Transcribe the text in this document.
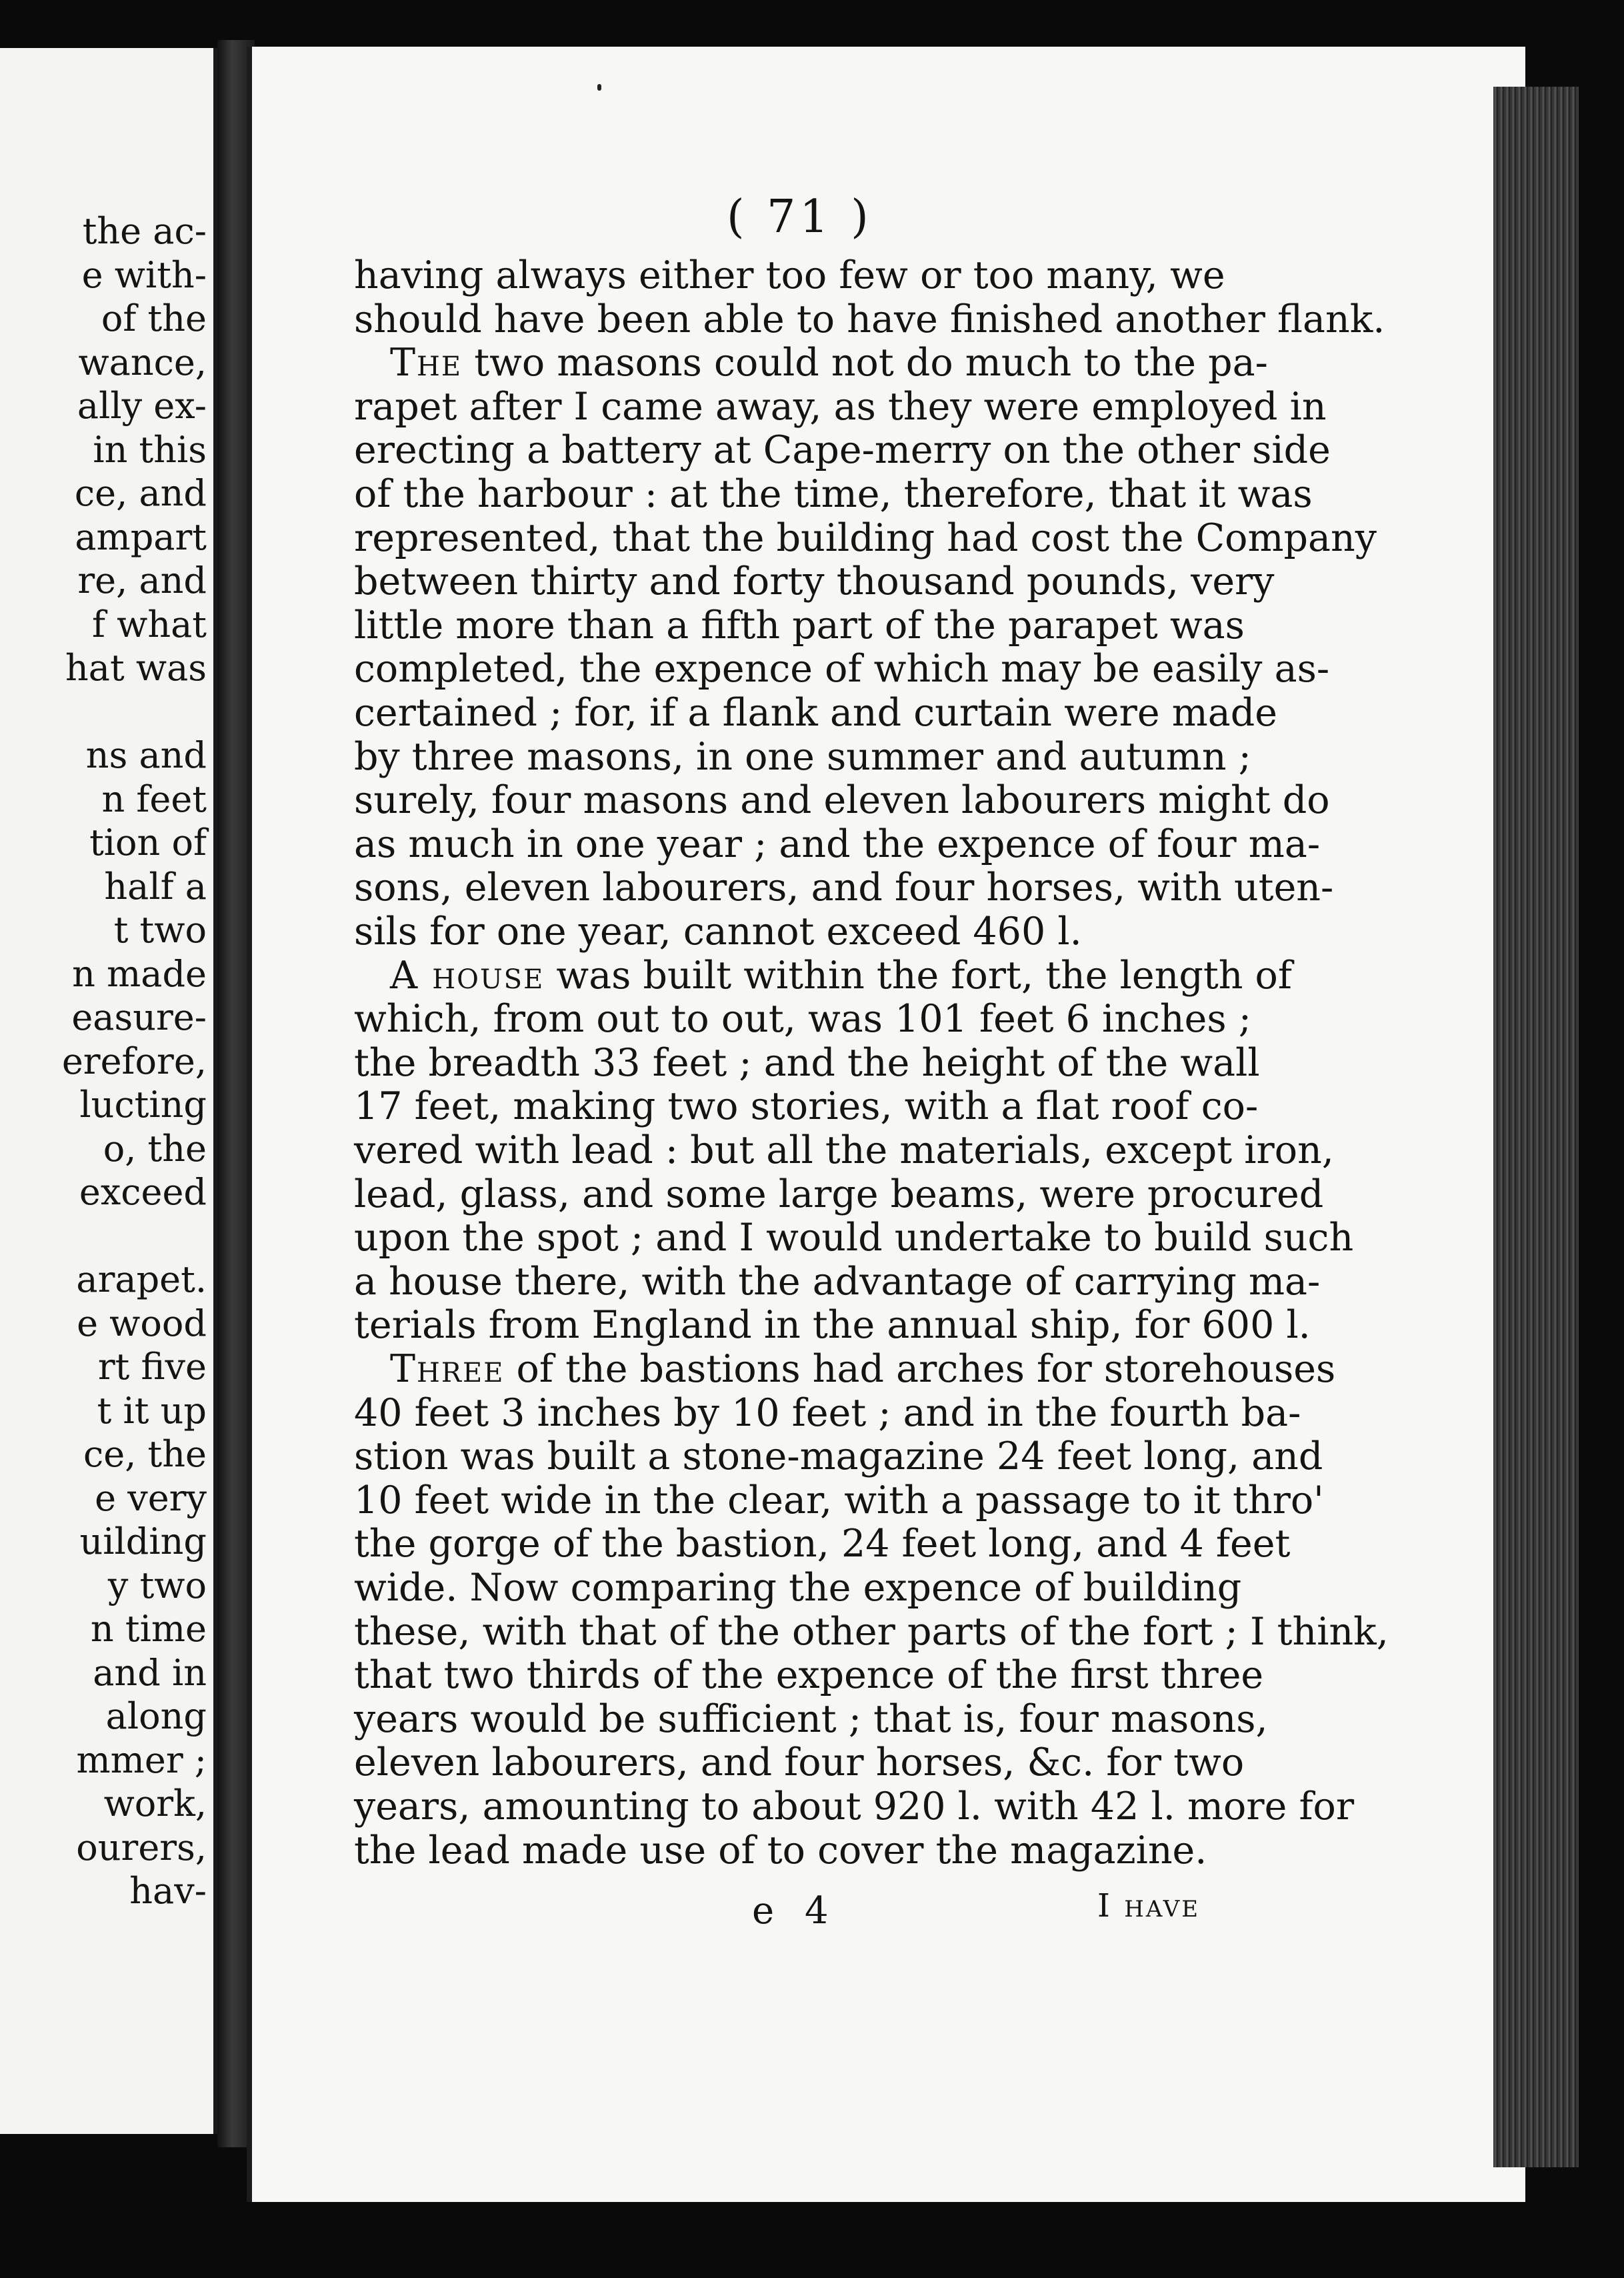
the ac-
e with-
of the
wance,
ally ex-
in this
ce, and
ampart
re, and
f what
hat was
ns and
n feet
tion of
half a
t two
n made
easure-
erefore,
lucting
o, the
exceed
arapet.
e wood
rt five
t it up
ce, the
e very
uilding
y two
n time
and in
along
mmer ;
work,
ourers,
hav-
( 71 )
having always either too few or too many, we
should have been able to have finished another flank.
The two masons could not do much to the pa-
rapet after I came away, as they were employed in
erecting a battery at Cape-merry on the other side
of the harbour : at the time, therefore, that it was
represented, that the building had cost the Company
between thirty and forty thousand pounds, very
little more than a fifth part of the parapet was
completed, the expence of which may be easily as-
certained ; for, if a flank and curtain were made
by three masons, in one summer and autumn ;
surely, four masons and eleven labourers might do
as much in one year ; and the expence of four ma-
sons, eleven labourers, and four horses, with uten-
sils for one year, cannot exceed 460 l.
A house was built within the fort, the length of
which, from out to out, was 101 feet 6 inches ;
the breadth 33 feet ; and the height of the wall
17 feet, making two stories, with a flat roof co-
vered with lead : but all the materials, except iron,
lead, glass, and some large beams, were procured
upon the spot ; and I would undertake to build such
a house there, with the advantage of carrying ma-
terials from England in the annual ship, for 600 l.
Three of the bastions had arches for storehouses
40 feet 3 inches by 10 feet ; and in the fourth ba-
stion was built a stone-magazine 24 feet long, and
10 feet wide in the clear, with a passage to it thro'
the gorge of the bastion, 24 feet long, and 4 feet
wide. Now comparing the expence of building
these, with that of the other parts of the fort ; I think,
that two thirds of the expence of the first three
years would be sufficient ; that is, four masons,
eleven labourers, and four horses, &c. for two
years, amounting to about 920 l. with 42 l. more for
the lead made use of to cover the magazine.
e 4	I have
